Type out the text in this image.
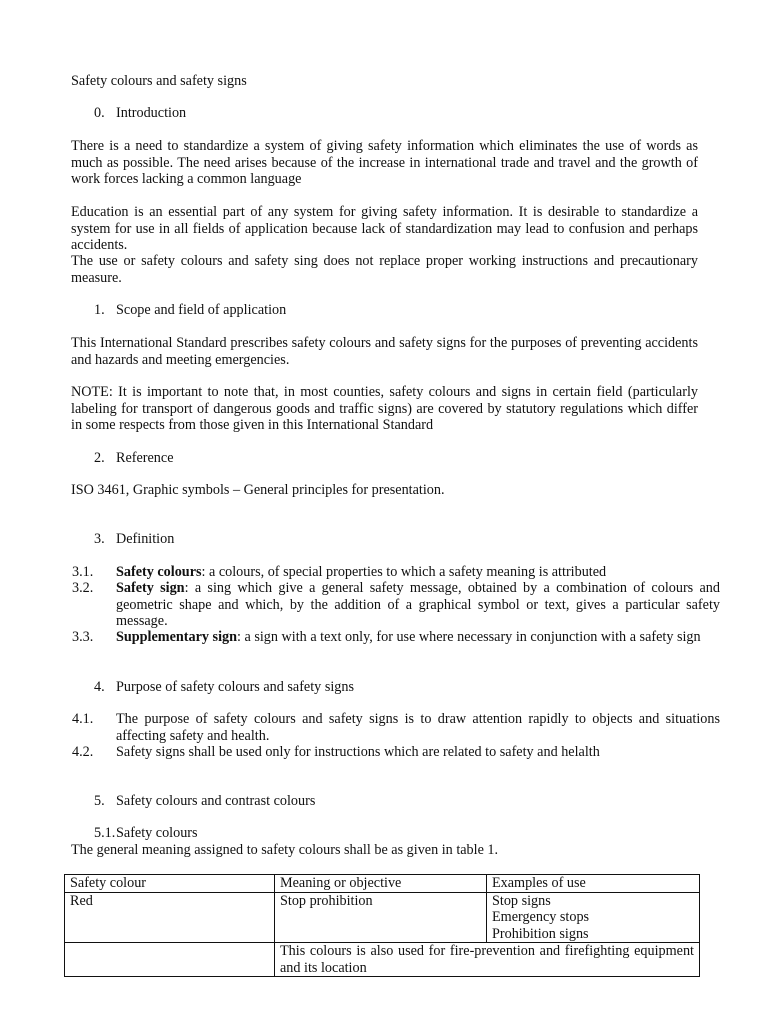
Safety colours and safety signs

0. Introduction

There is a need to standardize a system of giving safety information which eliminates the use of words as much as possible. The need arises because of the increase in international trade and travel and the growth of work forces lacking a common language

Education is an essential part of any system for giving safety information. It is desirable to standardize a system for use in all fields of application because lack of standardization may lead to confusion and perhaps accidents.

The use or safety colours and safety sing does not replace proper working instructions and precautionary measure.

1. Scope and field of application

This International Standard prescribes safety colours and safety signs for the purposes of preventing accidents and hazards and meeting emergencies.

NOTE: It is important to note that, in most counties, safety colours and signs in certain field (particularly labeling for transport of dangerous goods and traffic signs) are covered by statutory regulations which differ in some respects from those given in this International Standard

2. Reference

ISO 3461, Graphic symbols – General principles for presentation.

3. Definition
3.1. Safety colours: a colours, of special properties to which a safety meaning is attributed
3.2. Safety sign: a sing which give a general safety message, obtained by a combination of colours and geometric shape and which, by the addition of a graphical symbol or text, gives a particular safety message.
3.3. Supplementary sign: a sign with a text only, for use where necessary in conjunction with a safety sign
4. Purpose of safety colours and safety signs
4.1. The purpose of safety colours and safety signs is to draw attention rapidly to objects and situations affecting safety and health.
4.2. Safety signs shall be used only for instructions which are related to safety and helalth
5. Safety colours and contrast colours
5.1.Safety colours

The general meaning assigned to safety colours shall be as given in table 1.

Safety colour	Meaning or objective	Examples of use
Red	Stop prohibition	Stop signs
Emergency stops
Prohibition signs

	This colours is also used for fire-prevention and firefighting equipment and its location	
